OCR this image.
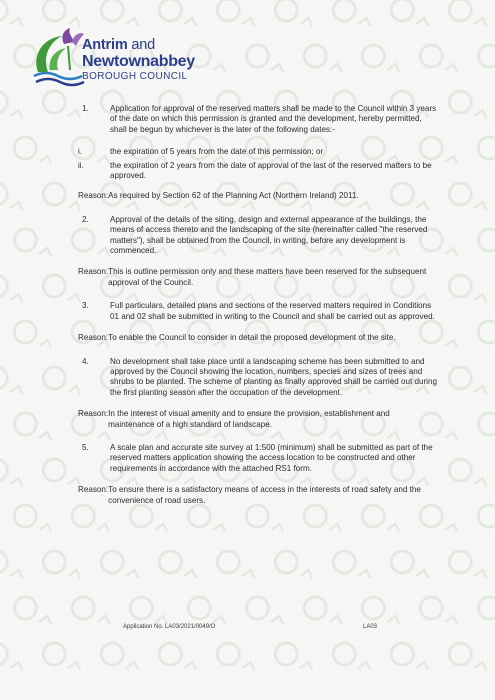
Antrim and
Newtownabbey
BOROUGH COUNCIL
1.	Application for approval of the reserved matters shall be made to the Council within 3 years of the date on which this permission is granted and the development, hereby permitted, shall be begun by whichever is the later of the following dates:-
i.	the expiration of 5 years from the date of this permission; or
ii.	the expiration of 2 years from the date of approval of the last of the reserved matters to be approved.
Reason: As required by Section 62 of the Planning Act (Northern Ireland) 2011.
2.	Approval of the details of the siting, design and external appearance of the buildings, the means of access thereto and the landscaping of the site (hereinafter called "the reserved matters"), shall be obtained from the Council, in writing, before any development is commenced.
Reason: This is outline permission only and these matters have been reserved for the subsequent approval of the Council.
3.	Full particulars, detailed plans and sections of the reserved matters required in Conditions 01 and 02 shall be submitted in writing to the Council and shall be carried out as approved.
Reason: To enable the Council to consider in detail the proposed development of the site.
4.	No development shall take place until a landscaping scheme has been submitted to and approved by the Council showing the location, numbers, species and sizes of trees and shrubs to be planted. The scheme of planting as finally approved shall be carried out during the first planting season after the occupation of the development.
Reason: In the interest of visual amenity and to ensure the provision, establishment and maintenance of a high standard of landscape.
5.	A scale plan and accurate site survey at 1:500 (minimum) shall be submitted as part of the reserved matters application showing the access location to be constructed and other requirements in accordance with the attached RS1 form.
Reason: To ensure there is a satisfactory means of access in the interests of road safety and the convenience of road users.
Application No. LA03/2021/0049/O	LA03
